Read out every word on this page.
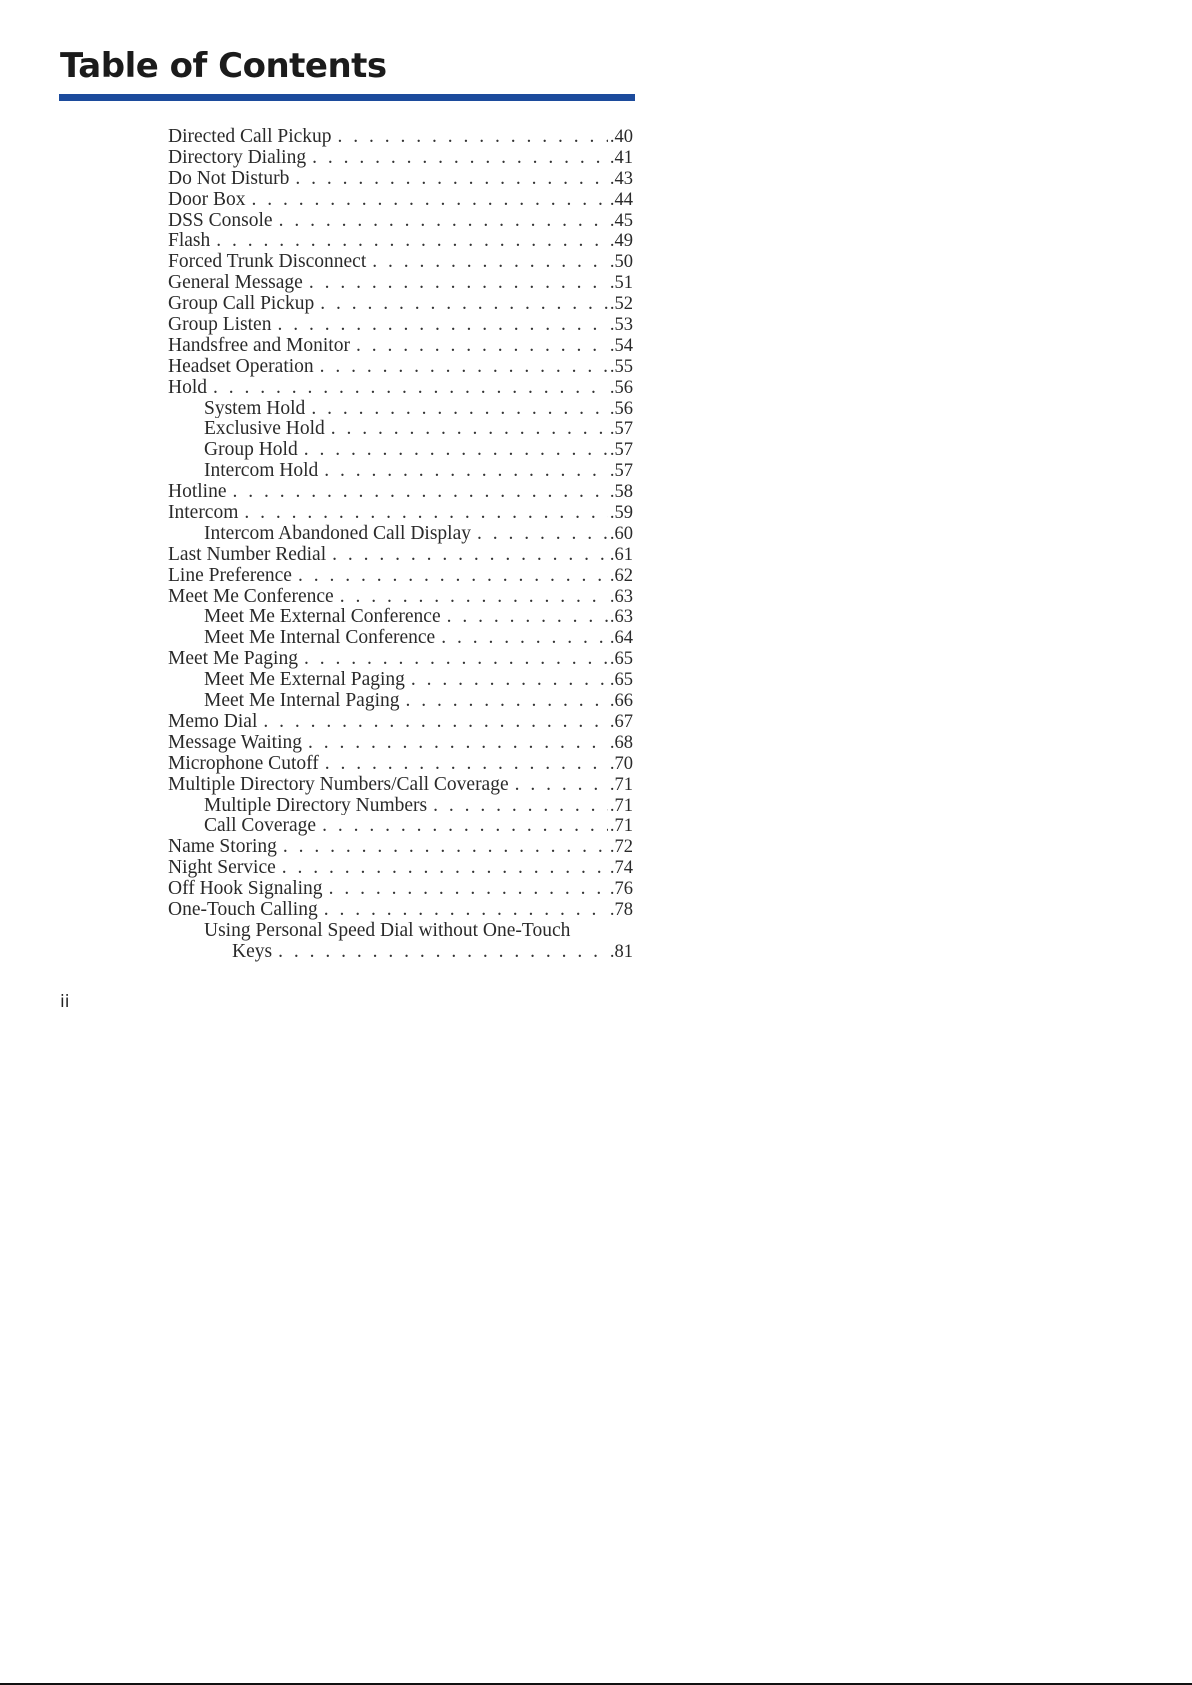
Table of Contents
Directed Call Pickup . . .	.40
Directory Dialing . . .	.41
Do Not Disturb . . .	.43
Door Box . . .	.44
DSS Console . . .	.45
Flash . . .	.49
Forced Trunk Disconnect . . .	.50
General Message . . .	.51
Group Call Pickup . . .	.52
Group Listen . . .	.53
Handsfree and Monitor . . .	.54
Headset Operation . . .	.55
Hold . . .	.56
System Hold . . .	.56
Exclusive Hold . . .	.57
Group Hold . . .	.57
Intercom Hold . . .	.57
Hotline . . .	.58
Intercom . . .	.59
Intercom Abandoned Call Display . . .	.60
Last Number Redial . . .	.61
Line Preference . . .	.62
Meet Me Conference . . .	.63
Meet Me External Conference . . .	.63
Meet Me Internal Conference . . .	.64
Meet Me Paging . . .	.65
Meet Me External Paging . . .	.65
Meet Me Internal Paging . . .	.66
Memo Dial . . .	.67
Message Waiting . . .	.68
Microphone Cutoff . . .	.70
Multiple Directory Numbers/Call Coverage . . .	.71
Multiple Directory Numbers . . .	.71
Call Coverage . . .	.71
Name Storing . . .	.72
Night Service . . .	.74
Off Hook Signaling . . .	.76
One-Touch Calling . . .	.78
Using Personal Speed Dial without One-Touch
Keys . . .	.81

ii
